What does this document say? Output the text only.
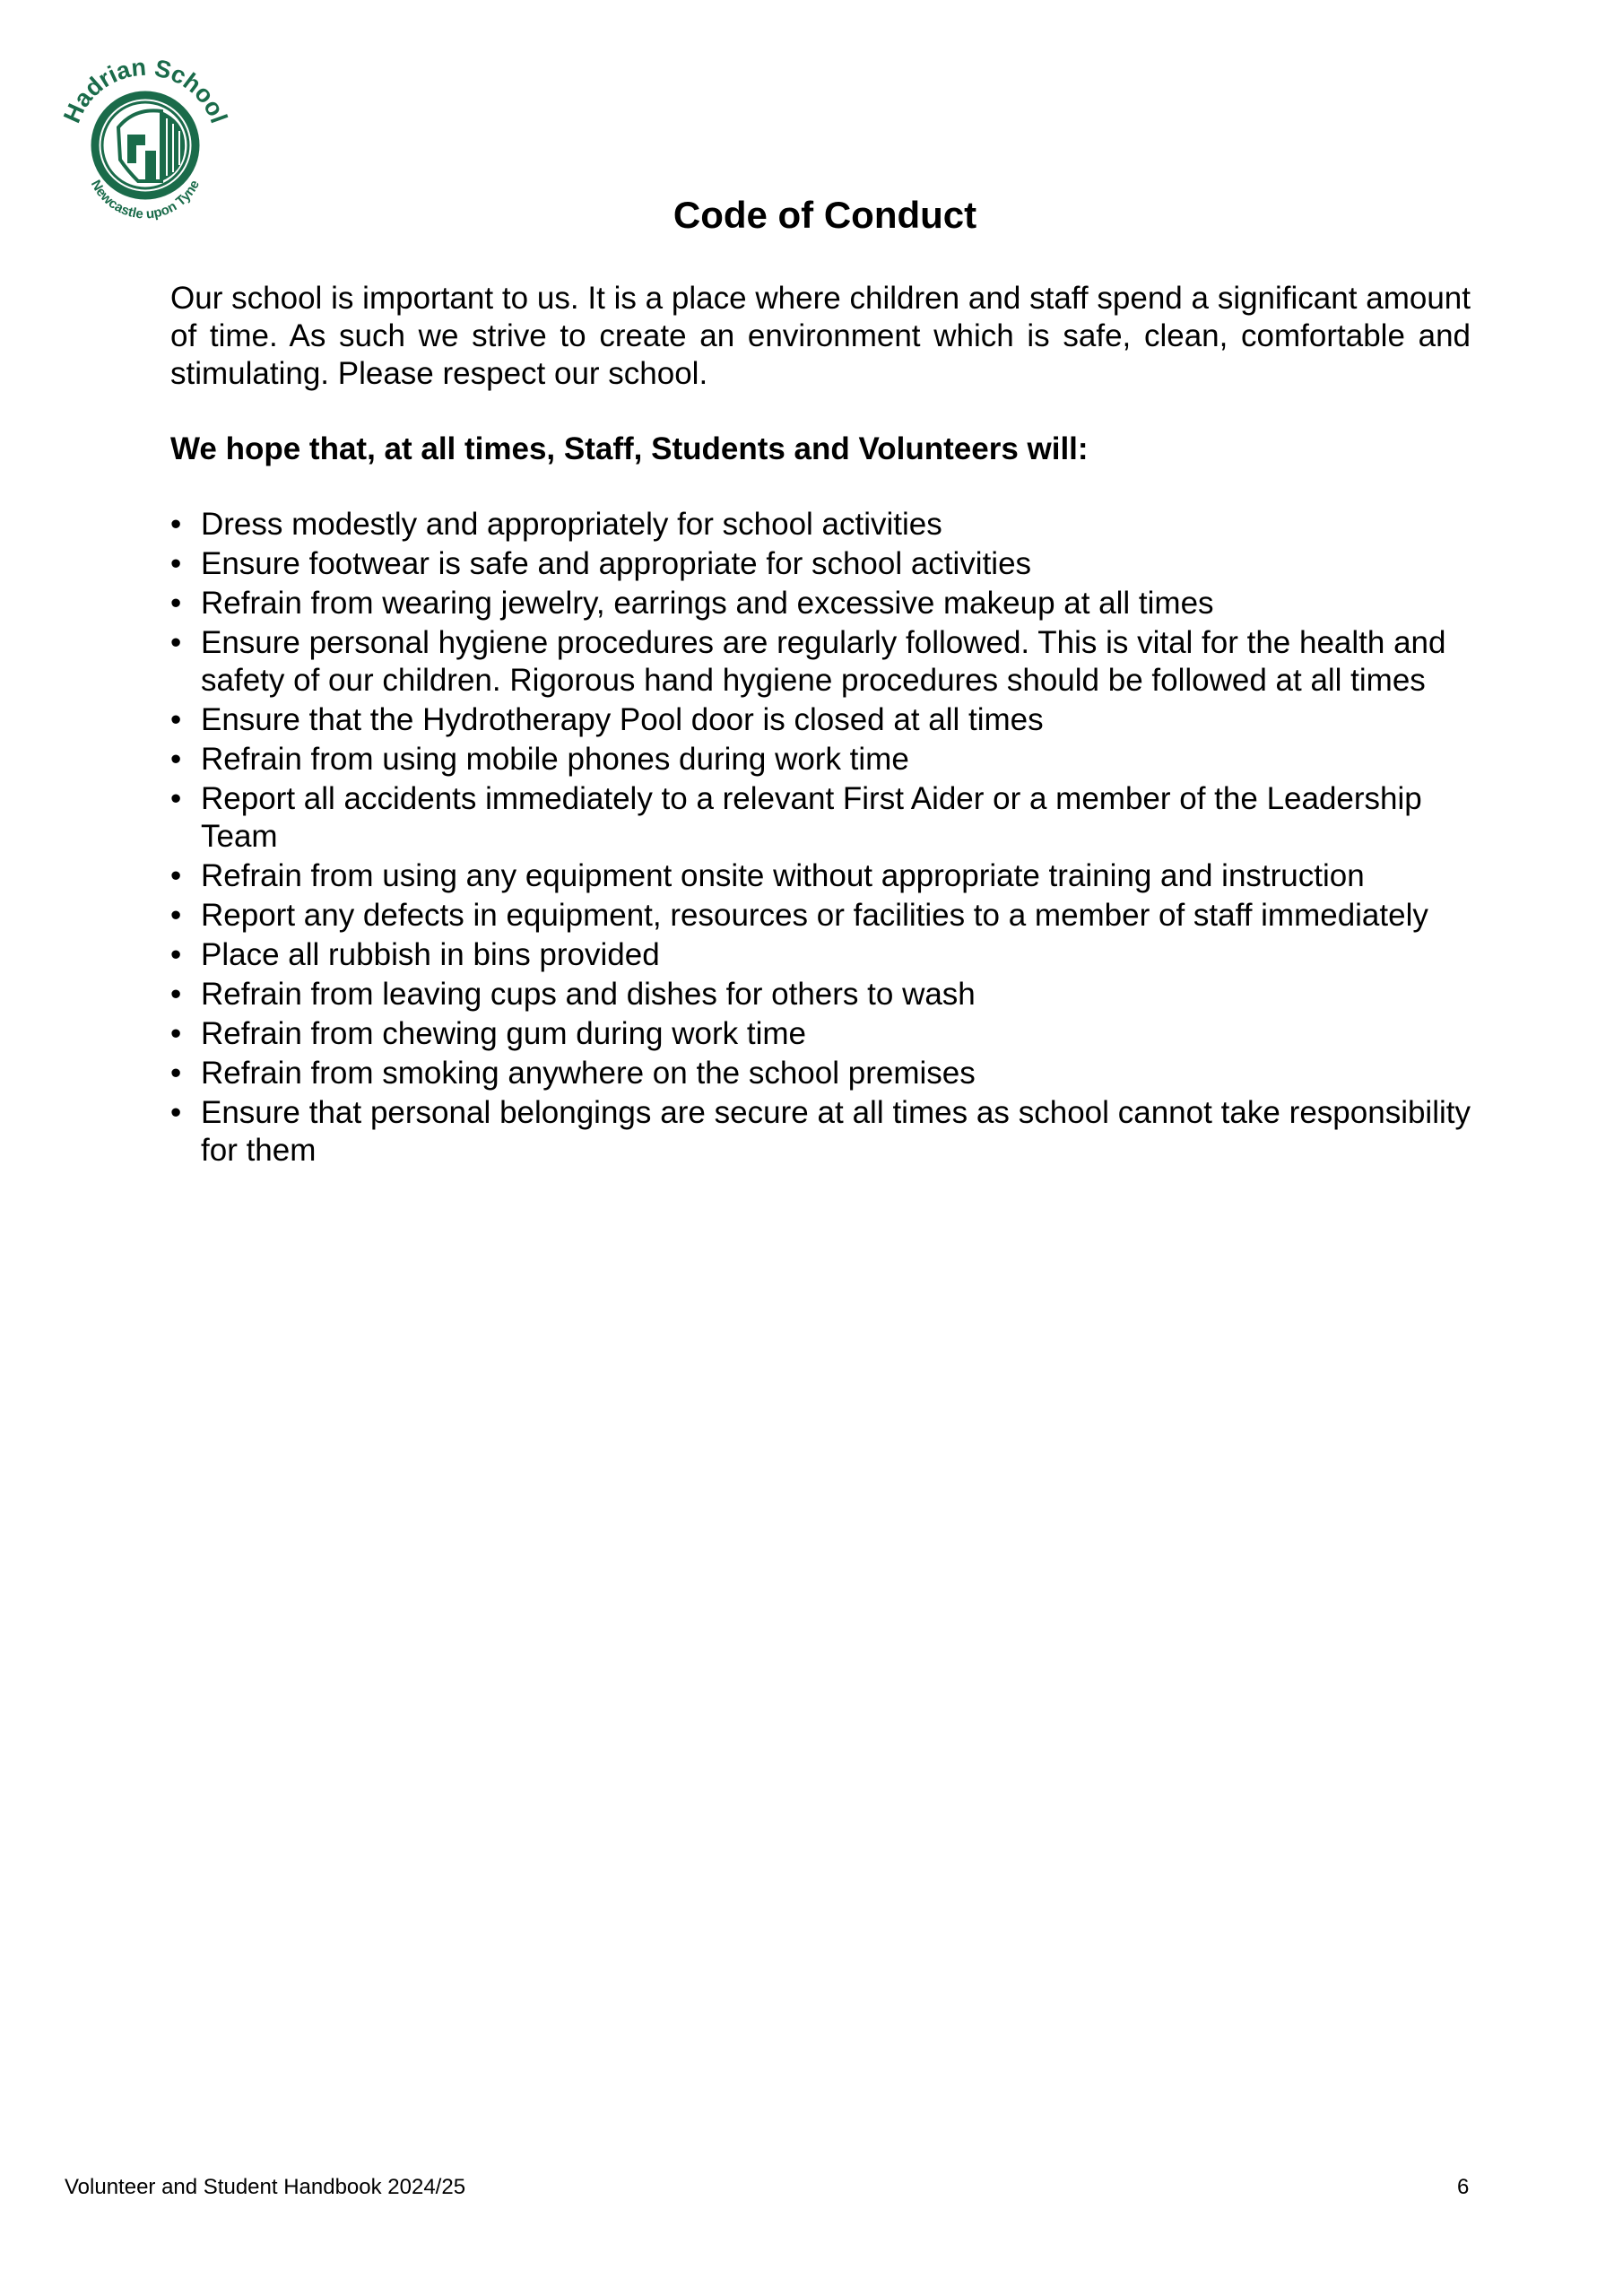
Hadrian School
Newcastle upon Tyne
Code of Conduct

Our school is important to us. It is a place where children and staff spend a significant amount of time. As such we strive to create an environment which is safe, clean, comfortable and stimulating. Please respect our school.

We hope that, at all times, Staff, Students and Volunteers will:

• Dress modestly and appropriately for school activities
• Ensure footwear is safe and appropriate for school activities
• Refrain from wearing jewelry, earrings and excessive makeup at all times
• Ensure personal hygiene procedures are regularly followed. This is vital for the health and safety of our children. Rigorous hand hygiene procedures should be followed at all times
• Ensure that the Hydrotherapy Pool door is closed at all times
• Refrain from using mobile phones during work time
• Report all accidents immediately to a relevant First Aider or a member of the Leadership Team
• Refrain from using any equipment onsite without appropriate training and instruction
• Report any defects in equipment, resources or facilities to a member of staff immediately
• Place all rubbish in bins provided
• Refrain from leaving cups and dishes for others to wash
• Refrain from chewing gum during work time
• Refrain from smoking anywhere on the school premises
• Ensure that personal belongings are secure at all times as school cannot take responsibility for them
Volunteer and Student Handbook 2024/25	6
